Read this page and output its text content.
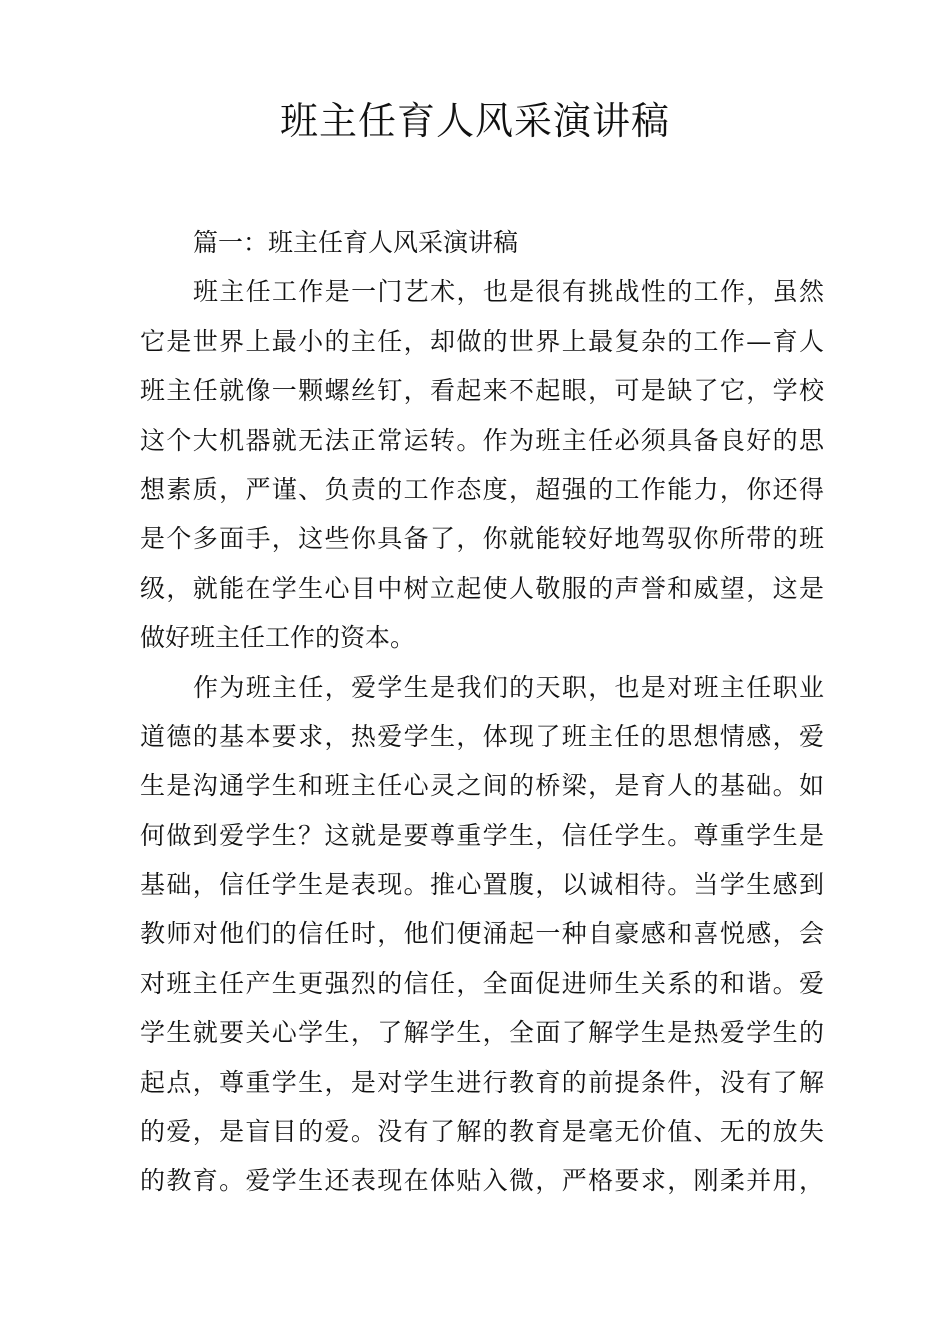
班主任育人风采演讲稿
篇一：班主任育人风采演讲稿
班主任工作是一门艺术，也是很有挑战性的工作，虽然
它是世界上最小的主任，却做的世界上最复杂的工作—育人
班主任就像一颗螺丝钉，看起来不起眼，可是缺了它，学校
这个大机器就无法正常运转。作为班主任必须具备良好的思
想素质，严谨、负责的工作态度，超强的工作能力，你还得
是个多面手，这些你具备了，你就能较好地驾驭你所带的班
级，就能在学生心目中树立起使人敬服的声誉和威望，这是
做好班主任工作的资本。
作为班主任，爱学生是我们的天职，也是对班主任职业
道德的基本要求，热爱学生，体现了班主任的思想情感，爱
生是沟通学生和班主任心灵之间的桥梁，是育人的基础。如
何做到爱学生？这就是要尊重学生，信任学生。尊重学生是
基础，信任学生是表现。推心置腹，以诚相待。当学生感到
教师对他们的信任时，他们便涌起一种自豪感和喜悦感，会
对班主任产生更强烈的信任，全面促进师生关系的和谐。爱
学生就要关心学生，了解学生，全面了解学生是热爱学生的
起点，尊重学生，是对学生进行教育的前提条件，没有了解
的爱，是盲目的爱。没有了解的教育是毫无价值、无的放失
的教育。爱学生还表现在体贴入微，严格要求，刚柔并用，
